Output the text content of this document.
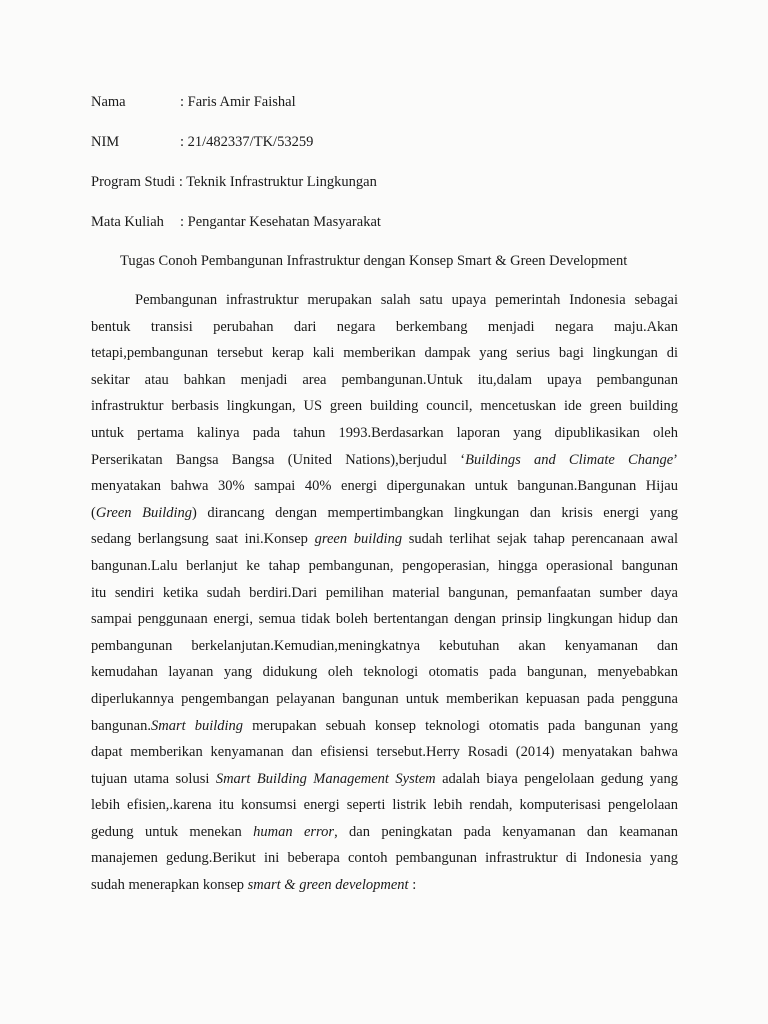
Nama	: Faris Amir Faishal
NIM	: 21/482337/TK/53259
Program Studi : Teknik Infrastruktur Lingkungan
Mata Kuliah : Pengantar Kesehatan Masyarakat
Tugas Conoh Pembangunan Infrastruktur dengan Konsep Smart & Green Development
Pembangunan infrastruktur merupakan salah satu upaya pemerintah Indonesia sebagai
bentuk transisi perubahan dari negara berkembang menjadi negara maju.Akan
tetapi,pembangunan tersebut kerap kali memberikan dampak yang serius bagi lingkungan di
sekitar atau bahkan menjadi area pembangunan.Untuk itu,dalam upaya pembangunan
infrastruktur berbasis lingkungan, US green building council, mencetuskan ide green building
untuk pertama kalinya pada tahun 1993.Berdasarkan laporan yang dipublikasikan oleh
Perserikatan Bangsa Bangsa (United Nations),berjudul ‘Buildings and Climate Change’
menyatakan bahwa 30% sampai 40% energi dipergunakan untuk bangunan.Bangunan Hijau
(Green Building) dirancang dengan mempertimbangkan lingkungan dan krisis energi yang
sedang berlangsung saat ini.Konsep green building sudah terlihat sejak tahap perencanaan awal
bangunan.Lalu berlanjut ke tahap pembangunan, pengoperasian, hingga operasional bangunan
itu sendiri ketika sudah berdiri.Dari pemilihan material bangunan, pemanfaatan sumber daya
sampai penggunaan energi, semua tidak boleh bertentangan dengan prinsip lingkungan hidup dan
pembangunan berkelanjutan.Kemudian,meningkatnya kebutuhan akan kenyamanan dan
kemudahan layanan yang didukung oleh teknologi otomatis pada bangunan, menyebabkan
diperlukannya pengembangan pelayanan bangunan untuk memberikan kepuasan pada pengguna
bangunan.Smart building merupakan sebuah konsep teknologi otomatis pada bangunan yang
dapat memberikan kenyamanan dan efisiensi tersebut.Herry Rosadi (2014) menyatakan bahwa
tujuan utama solusi Smart Building Management System adalah biaya pengelolaan gedung yang
lebih efisien,.karena itu konsumsi energi seperti listrik lebih rendah, komputerisasi pengelolaan
gedung untuk menekan human error, dan peningkatan pada kenyamanan dan keamanan
manajemen gedung.Berikut ini beberapa contoh pembangunan infrastruktur di Indonesia yang
sudah menerapkan konsep smart & green development :
